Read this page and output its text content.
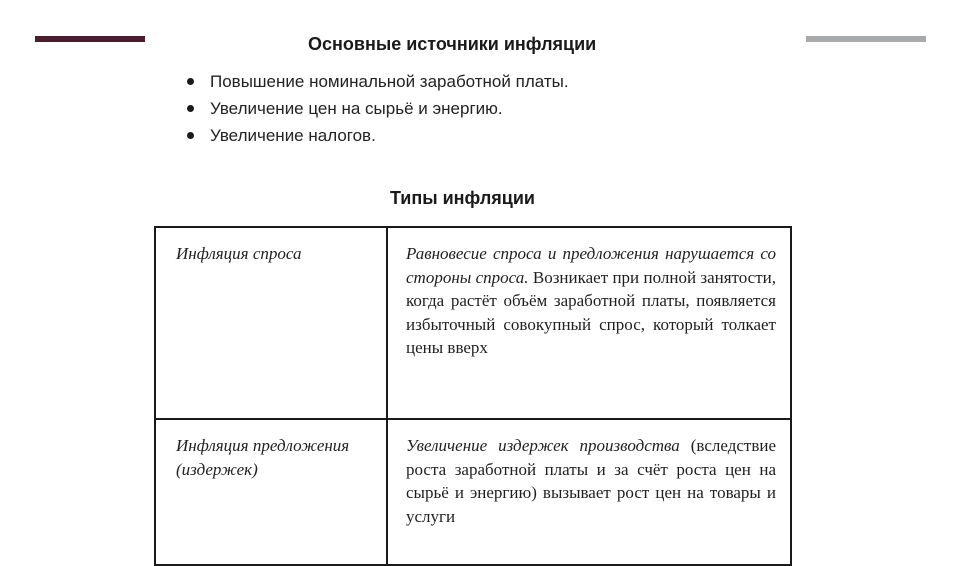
Основные источники инфляции
Повышение номинальной заработной платы.
Увеличение цен на сырьё и энергию.
Увеличение налогов.
Типы инфляции
Инфляция спроса	Равновесие спроса и предложения нарушается со стороны спроса. Возникает при полной занятости, когда растёт объём заработной платы, появляется избыточный совокупный спрос, который толкает цены вверх
Инфляция предложения (издержек)	Увеличение издержек производства (вследствие роста заработной платы и за счёт роста цен на сырьё и энергию) вызывает рост цен на товары и услуги
